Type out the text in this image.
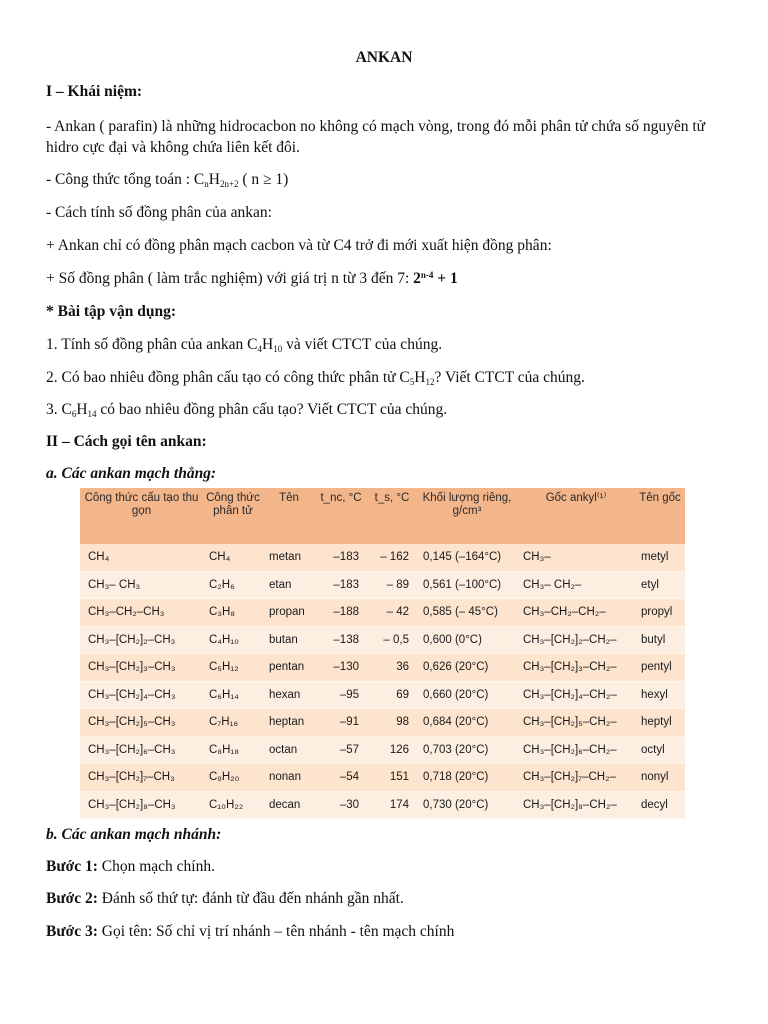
ANKAN
I – Khái niệm:
- Ankan ( parafin) là những hidrocacbon no không có mạch vòng, trong đó mỗi phân tử chứa số nguyên tử hidro cực đại và không chứa liên kết đôi.
- Công thức tổng toán : $C_nH_{2n+2}$ ( n ≥ 1)
- Cách tính số đồng phân của ankan:
+ Ankan chỉ có đồng phân mạch cacbon và từ C4 trở đi mới xuất hiện đồng phân:
+ Số đồng phân ( làm trắc nghiệm) với giá trị n từ 3 đến 7: $2^{n-4} + 1$
* Bài tập vận dụng:
1. Tính số đồng phân của ankan $C_4H_{10}$ và viết CTCT của chúng.
2. Có bao nhiêu đồng phân cấu tạo có công thức phân tử $C_5H_{12}$? Viết CTCT của chúng.
3. $C_6H_{14}$ có bao nhiêu đồng phân cấu tạo? Viết CTCT của chúng.
II – Cách gọi tên ankan:
a. Các ankan mạch thẳng:
Công thức cấu tạo thu gọn	Công thức phân tử	Tên	t_nc, °C	t_s, °C	Khối lượng riêng, g/cm³	Gốc ankyl⁽¹⁾	Tên gốc
CH₄	CH₄	metan	–183	– 162	0,145 (–164°C)	CH₃–	metyl
CH₃– CH₃	C₂H₆	etan	–183	– 89	0,561 (–100°C)	CH₃– CH₂–	etyl
CH₃–CH₂–CH₃	C₃H₈	propan	–188	– 42	0,585 (– 45°C)	CH₃–CH₂–CH₂–	propyl
CH₃–[CH₂]₂–CH₃	C₄H₁₀	butan	–138	– 0,5	0,600 (0°C)	CH₃–[CH₂]₂–CH₂–	butyl
CH₃–[CH₂]₃–CH₃	C₅H₁₂	pentan	–130	36	0,626 (20°C)	CH₃–[CH₂]₃–CH₂–	pentyl
CH₃–[CH₂]₄–CH₃	C₆H₁₄	hexan	–95	69	0,660 (20°C)	CH₃–[CH₂]₄–CH₂–	hexyl
CH₃–[CH₂]₅–CH₃	C₇H₁₆	heptan	–91	98	0,684 (20°C)	CH₃–[CH₂]₅–CH₂–	heptyl
CH₃–[CH₂]₆–CH₃	C₈H₁₈	octan	–57	126	0,703 (20°C)	CH₃–[CH₂]₆–CH₂–	octyl
CH₃–[CH₂]₇–CH₃	C₉H₂₀	nonan	–54	151	0,718 (20°C)	CH₃–[CH₂]₇–CH₂–	nonyl
CH₃–[CH₂]₈–CH₃	C₁₀H₂₂	decan	–30	174	0,730 (20°C)	CH₃–[CH₂]₈–CH₂–	decyl
b. Các ankan mạch nhánh:
Bước 1: Chọn mạch chính.
Bước 2: Đánh số thứ tự: đánh từ đầu đến nhánh gần nhất.
Bước 3: Gọi tên: Số chỉ vị trí nhánh – tên nhánh - tên mạch chính
